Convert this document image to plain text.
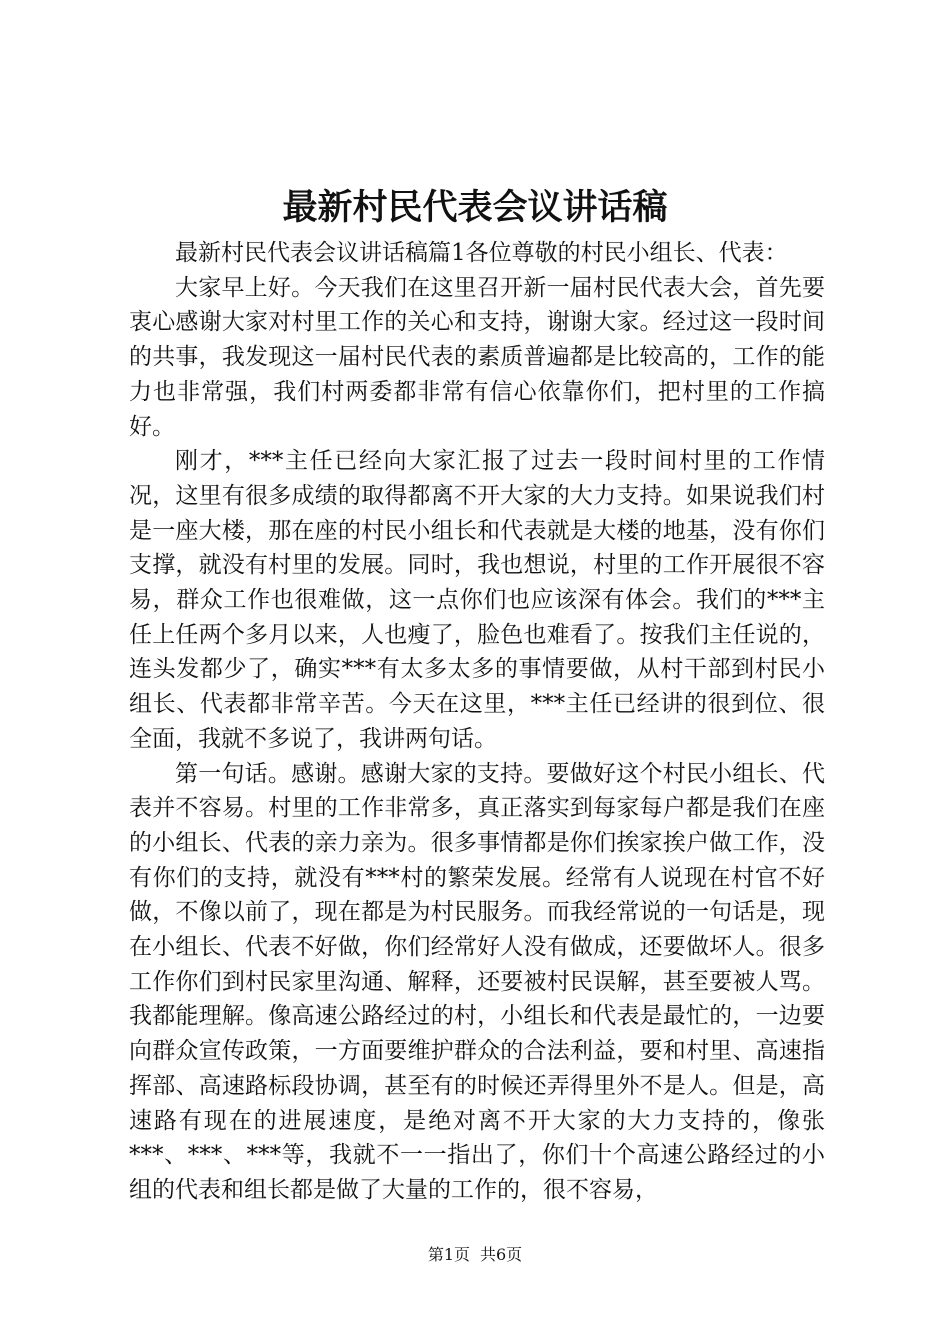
最新村民代表会议讲话稿

最新村民代表会议讲话稿篇1各位尊敬的村民小组长、代表：

大家早上好。今天我们在这里召开新一届村民代表大会，首先要衷心感谢大家对村里工作的关心和支持，谢谢大家。经过这一段时间的共事，我发现这一届村民代表的素质普遍都是比较高的，工作的能力也非常强，我们村两委都非常有信心依靠你们，把村里的工作搞好。

刚才，***主任已经向大家汇报了过去一段时间村里的工作情况，这里有很多成绩的取得都离不开大家的大力支持。如果说我们村是一座大楼，那在座的村民小组长和代表就是大楼的地基，没有你们支撑，就没有村里的发展。同时，我也想说，村里的工作开展很不容易，群众工作也很难做，这一点你们也应该深有体会。我们的***主任上任两个多月以来，人也瘦了，脸色也难看了。按我们主任说的，连头发都少了，确实***有太多太多的事情要做，从村干部到村民小组长、代表都非常辛苦。今天在这里，***主任已经讲的很到位、很全面，我就不多说了，我讲两句话。

第一句话。感谢。感谢大家的支持。要做好这个村民小组长、代表并不容易。村里的工作非常多，真正落实到每家每户都是我们在座的小组长、代表的亲力亲为。很多事情都是你们挨家挨户做工作，没有你们的支持，就没有***村的繁荣发展。经常有人说现在村官不好做，不像以前了，现在都是为村民服务。而我经常说的一句话是，现在小组长、代表不好做，你们经常好人没有做成，还要做坏人。很多工作你们到村民家里沟通、解释，还要被村民误解，甚至要被人骂。我都能理解。像高速公路经过的村，小组长和代表是最忙的，一边要向群众宣传政策，一方面要维护群众的合法利益，要和村里、高速指挥部、高速路标段协调，甚至有的时候还弄得里外不是人。但是，高速路有现在的进展速度，是绝对离不开大家的大力支持的，像张***、***、***等，我就不一一指出了，你们十个高速公路经过的小组的代表和组长都是做了大量的工作的，很不容易，

第1页 共6页
